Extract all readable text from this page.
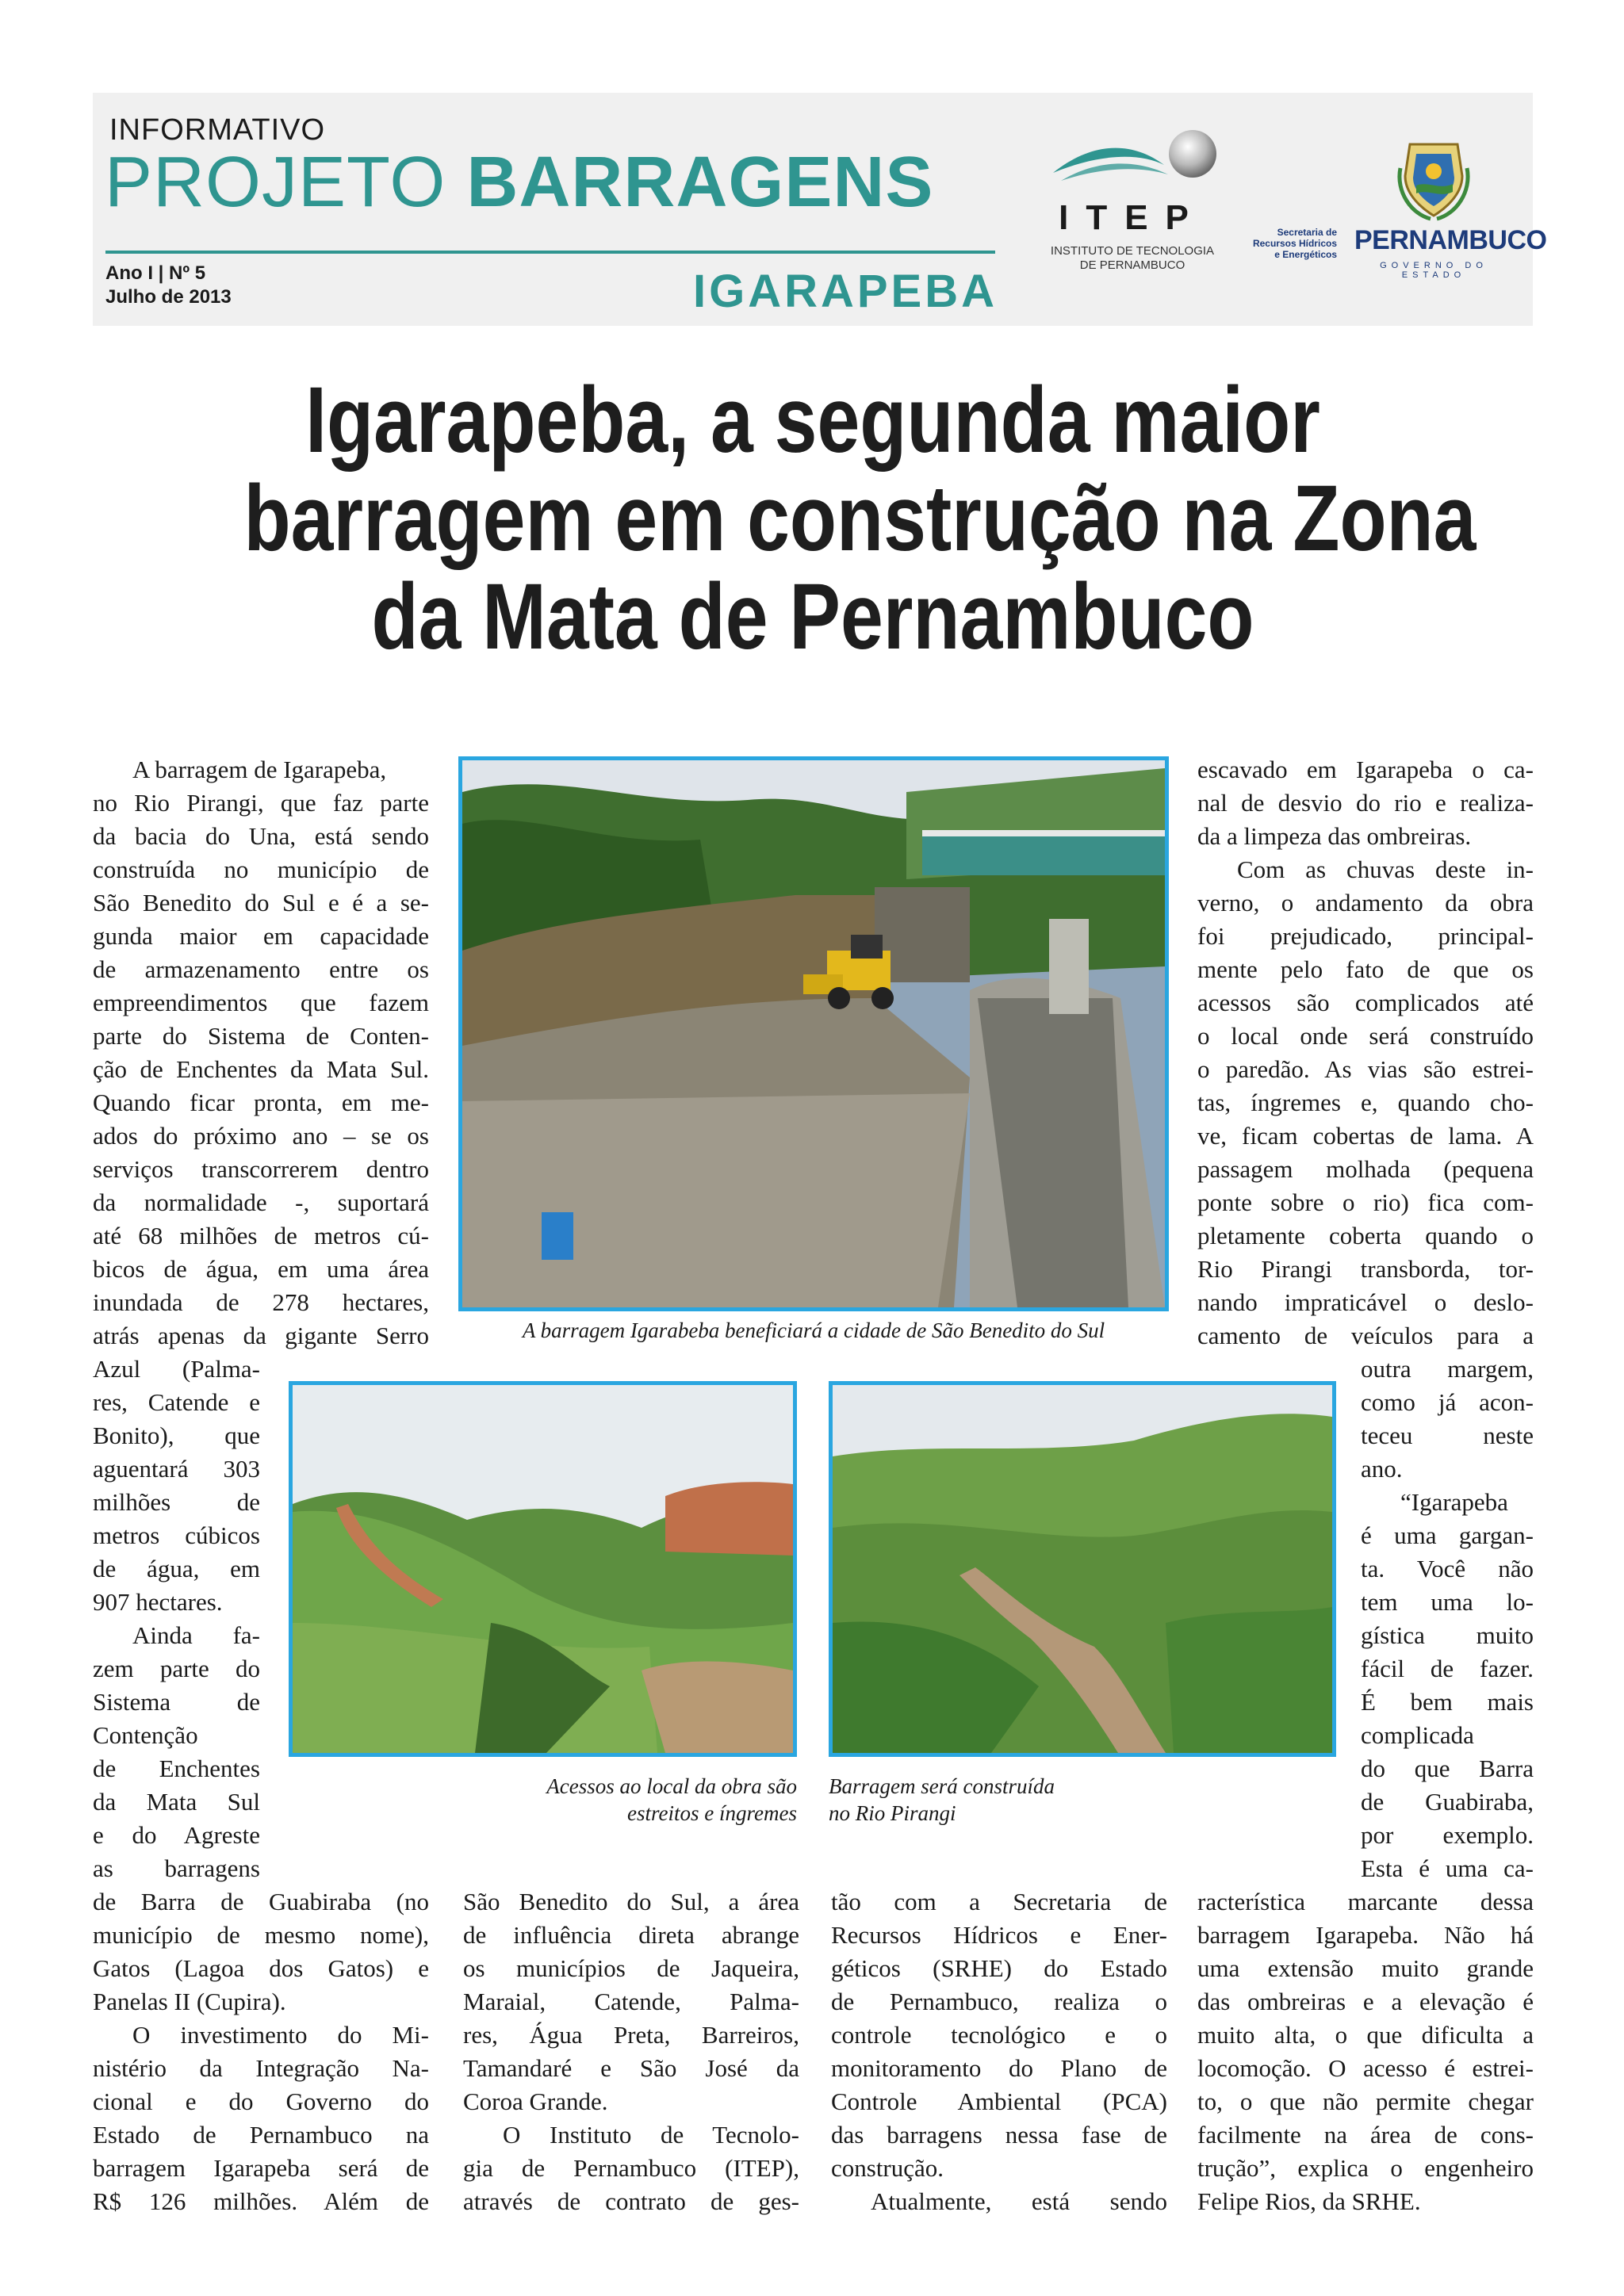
INFORMATIVO
PROJETO BARRAGENS
Ano I | Nº 5
Julho de 2013	IGARAPEBA
ITEP
INSTITUTO DE TECNOLOGIA
DE PERNAMBUCO
Secretaria de
Recursos Hídricos
e Energéticos PERNAMBUCO
GOVERNO DO ESTADO
Igarapeba, a segunda maior
barragem em construção na Zona
da Mata de Pernambuco
A barragem Igarabeba beneficiará a cidade de São Benedito do Sul
Acessos ao local da obra são
estreitos e íngremes
Barragem será construída
no Rio Pirangi
A barragem de Igarapeba,
no Rio Pirangi, que faz parte
da bacia do Una, está sendo
construída no município de
São Benedito do Sul e é a se-
gunda maior em capacidade
de armazenamento entre os
empreendimentos que fazem
parte do Sistema de Conten-
ção de Enchentes da Mata Sul.
Quando ficar pronta, em me-
ados do próximo ano – se os
serviços transcorrerem dentro
da normalidade -, suportará
até 68 milhões de metros cú-
bicos de água, em uma área
inundada de 278 hectares,
atrás apenas da gigante Serro
Azul (Palma-
res, Catende e
Bonito), que
aguentará 303
milhões de
metros cúbicos
de água, em
907 hectares.
Ainda fa-
zem parte do
Sistema de
Contenção
de Enchentes
da Mata Sul
e do Agreste
as barragens
de Barra de Guabiraba (no
município de mesmo nome),
Gatos (Lagoa dos Gatos) e
Panelas II (Cupira).
O investimento do Mi-
nistério da Integração Na-
cional e do Governo do
Estado de Pernambuco na
barragem Igarapeba será de
R$ 126 milhões. Além de
São Benedito do Sul, a área
de influência direta abrange
os municípios de Jaqueira,
Maraial, Catende, Palma-
res, Água Preta, Barreiros,
Tamandaré e São José da
Coroa Grande.
O Instituto de Tecnolo-
gia de Pernambuco (ITEP),
através de contrato de ges-
tão com a Secretaria de
Recursos Hídricos e Ener-
géticos (SRHE) do Estado
de Pernambuco, realiza o
controle tecnológico e o
monitoramento do Plano de
Controle Ambiental (PCA)
das barragens nessa fase de
construção.
Atualmente, está sendo
escavado em Igarapeba o ca-
nal de desvio do rio e realiza-
da a limpeza das ombreiras.
Com as chuvas deste in-
verno, o andamento da obra
foi prejudicado, principal-
mente pelo fato de que os
acessos são complicados até
o local onde será construído
o paredão. As vias são estrei-
tas, íngremes e, quando cho-
ve, ficam cobertas de lama. A
passagem molhada (pequena
ponte sobre o rio) fica com-
pletamente coberta quando o
Rio Pirangi transborda, tor-
nando impraticável o deslo-
camento de veículos para a
outra margem,
como já acon-
teceu neste
ano.
“Igarapeba
é uma gargan-
ta. Você não
tem uma lo-
gística muito
fácil de fazer.
É bem mais
complicada
do que Barra
de Guabiraba,
por exemplo.
Esta é uma ca-
racterística marcante dessa
barragem Igarapeba. Não há
uma extensão muito grande
das ombreiras e a elevação é
muito alta, o que dificulta a
locomoção. O acesso é estrei-
to, o que não permite chegar
facilmente na área de cons-
trução”, explica o engenheiro
Felipe Rios, da SRHE.
